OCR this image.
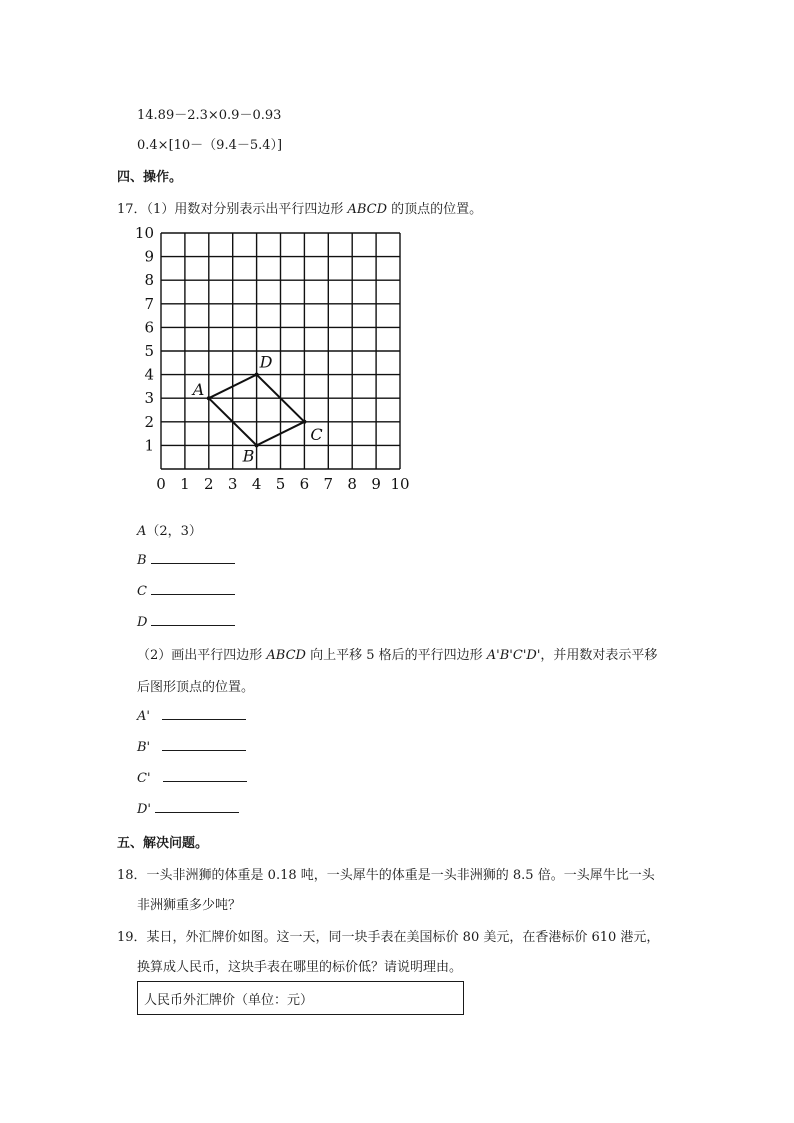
14.89－2.3×0.9－0.93
0.4×[10－（9.4－5.4）]
四、操作。
17．（1）用数对分别表示出平行四边形 ABCD 的顶点的位置。
0 1 2 3 4 5 6 7 8 9 10
1
2
3
4
5
6
7
8
9
10
A
B
C
D
A（2，3）
B
C
D
（2）画出平行四边形 ABCD 向上平移 5 格后的平行四边形 A'B'C'D'，并用数对表示平移
后图形顶点的位置。
A'
B'
C'
D'
五、解决问题。
18．一头非洲狮的体重是 0.18 吨，一头犀牛的体重是一头非洲狮的 8.5 倍。一头犀牛比一头
非洲狮重多少吨？
19．某日，外汇牌价如图。这一天，同一块手表在美国标价 80 美元，在香港标价 610 港元，
换算成人民币，这块手表在哪里的标价低？请说明理由。
人民币外汇牌价（单位：元）
